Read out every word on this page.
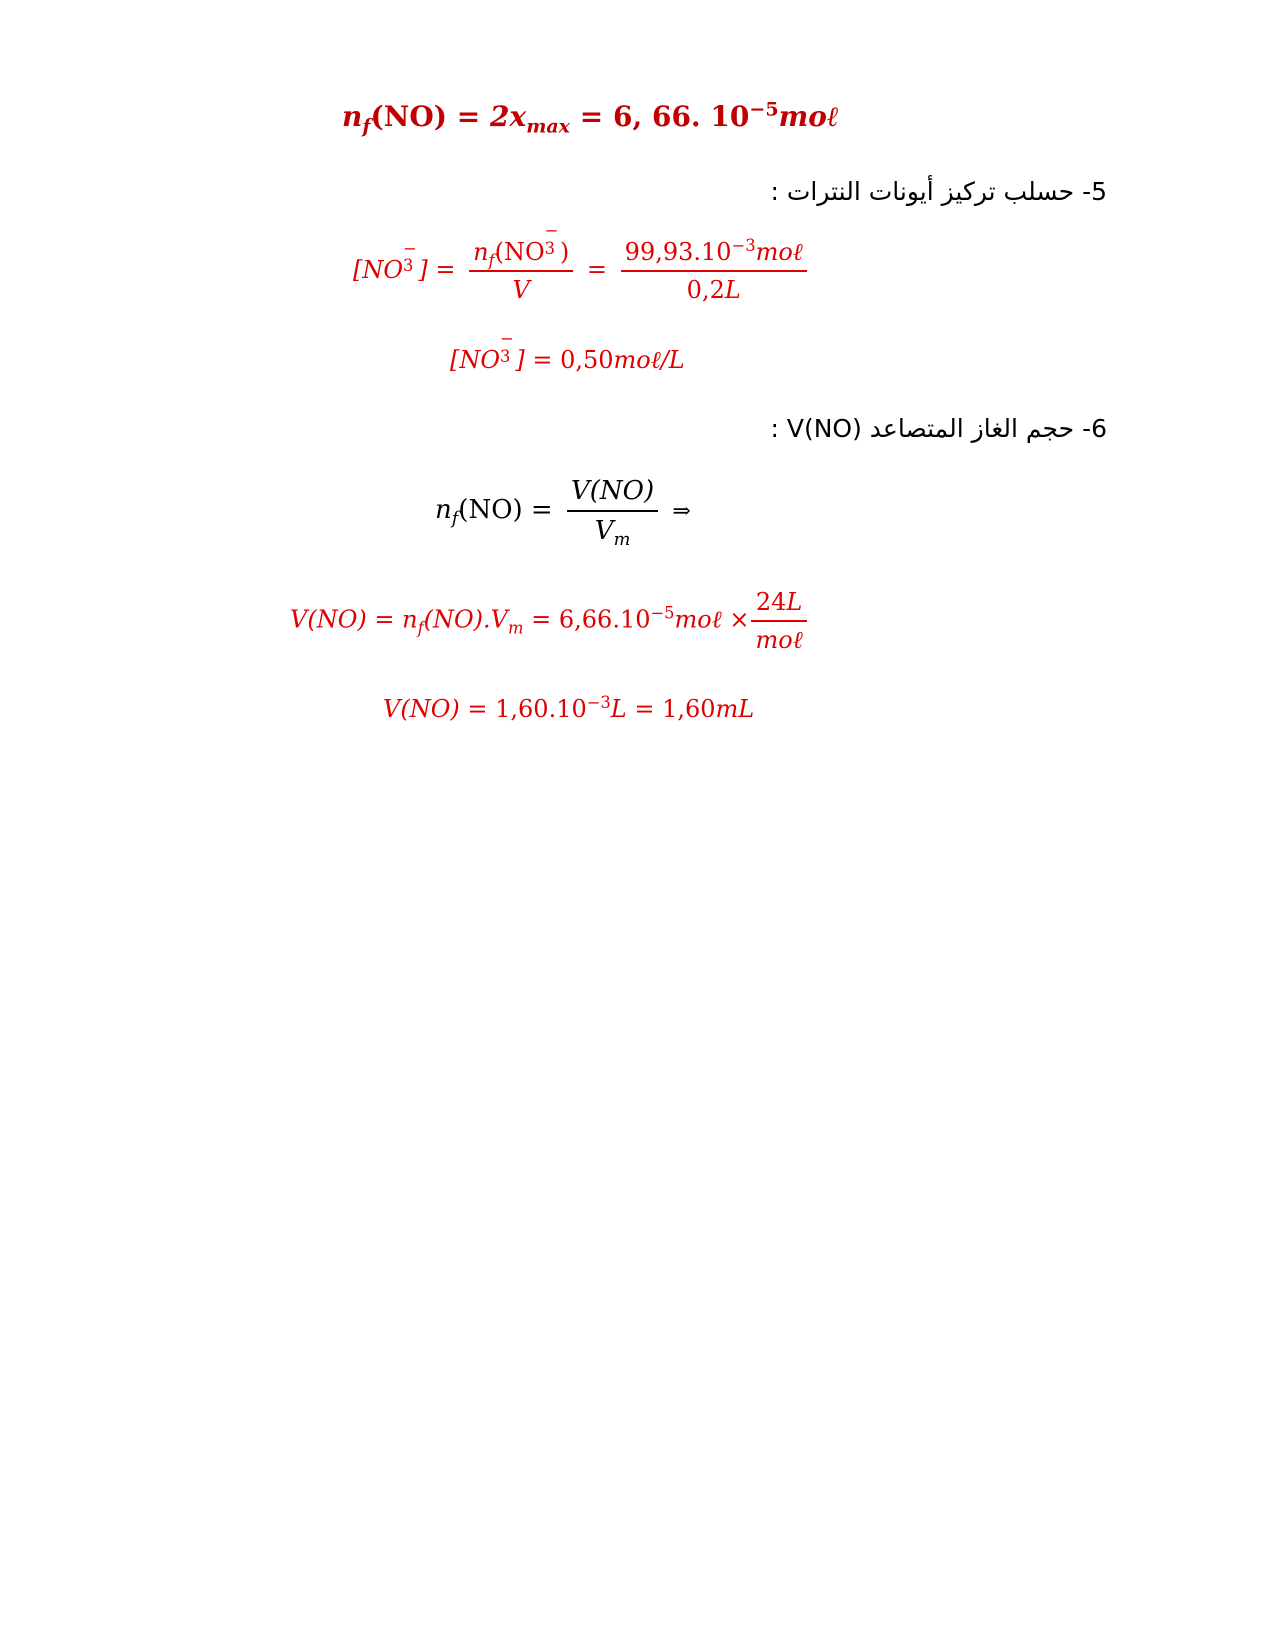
$n_f(NO) = 2x_{max} = 6$, 66. $10^{-5}mo\ell$
5- حسلب تركيز أيونات النترات :
[NO
−
3 ] = $n_f(NO$
−
3 )
$V = \frac{99,93.10^{-3}mo\ell}{0,2L}$
[NO
−
3 ] = 0,50moℓ/L
6- حجم الغاز المتصاعد V(NO) :
$n_f(NO) = \frac{V(NO)}{V_m}$ ⇒
$V(NO) = n_f(NO).V_m$ = $6,66.10^{-5}mo\ell \times \frac{24L}{\text{moℓ}}$
$V(NO) = 1,60.10^{-3}L = 1,60mL$
